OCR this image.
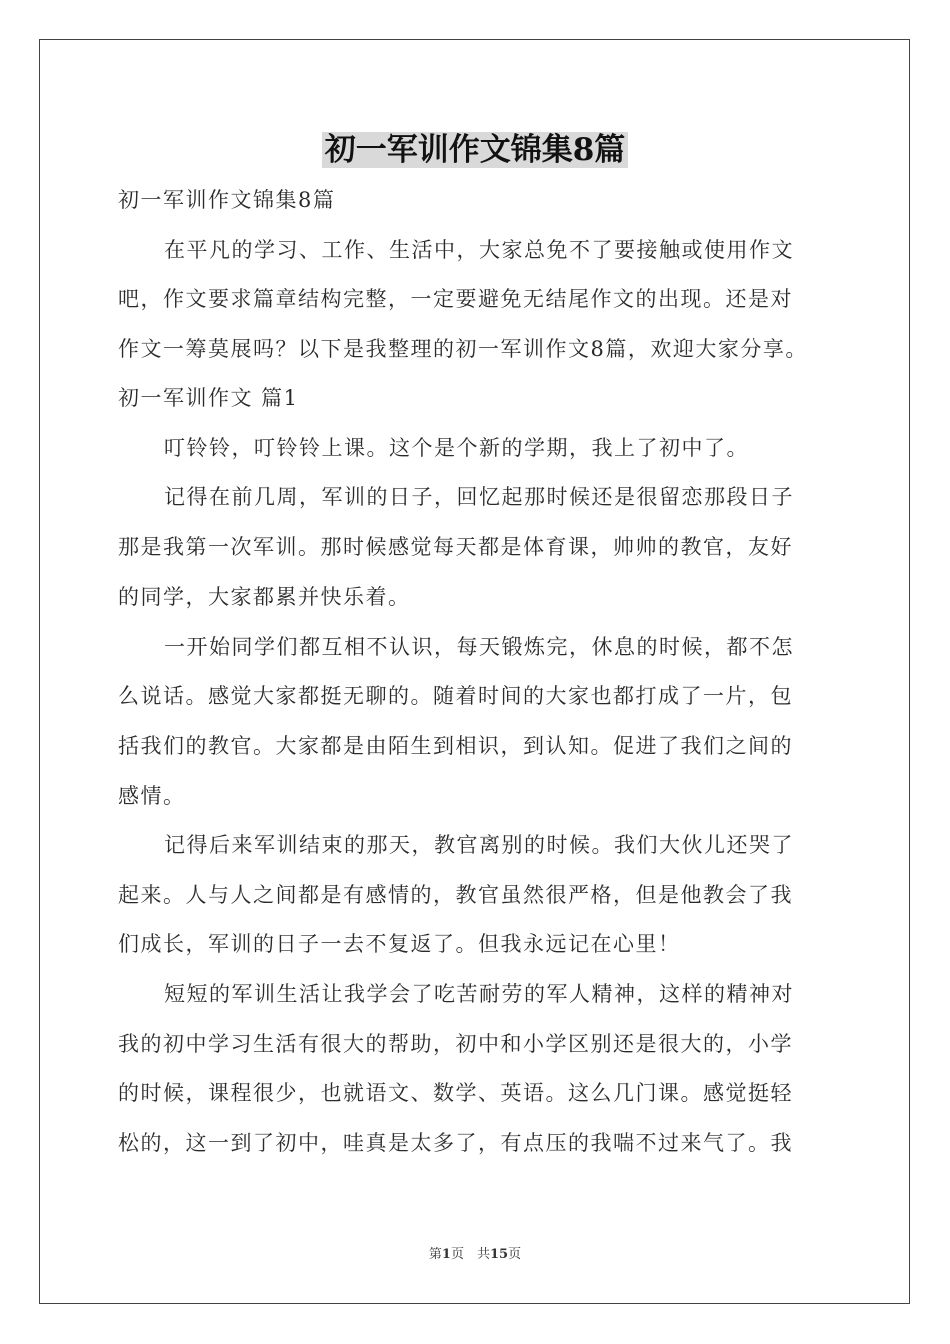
初一军训作文锦集8篇
初一军训作文锦集8篇
在平凡的学习、工作、生活中，大家总免不了要接触或使用作文
吧，作文要求篇章结构完整，一定要避免无结尾作文的出现。还是对
作文一筹莫展吗？以下是我整理的初一军训作文8篇，欢迎大家分享。
初一军训作文 篇1
叮铃铃，叮铃铃上课。这个是个新的学期，我上了初中了。
记得在前几周，军训的日子，回忆起那时候还是很留恋那段日子
那是我第一次军训。那时候感觉每天都是体育课，帅帅的教官，友好
的同学，大家都累并快乐着。
一开始同学们都互相不认识，每天锻炼完，休息的时候，都不怎
么说话。感觉大家都挺无聊的。随着时间的大家也都打成了一片，包
括我们的教官。大家都是由陌生到相识，到认知。促进了我们之间的
感情。
记得后来军训结束的那天，教官离别的时候。我们大伙儿还哭了
起来。人与人之间都是有感情的，教官虽然很严格，但是他教会了我
们成长，军训的日子一去不复返了。但我永远记在心里！
短短的军训生活让我学会了吃苦耐劳的军人精神，这样的精神对
我的初中学习生活有很大的帮助，初中和小学区别还是很大的，小学
的时候，课程很少，也就语文、数学、英语。这么几门课。感觉挺轻
松的，这一到了初中，哇真是太多了，有点压的我喘不过来气了。我
第1页　共15页
